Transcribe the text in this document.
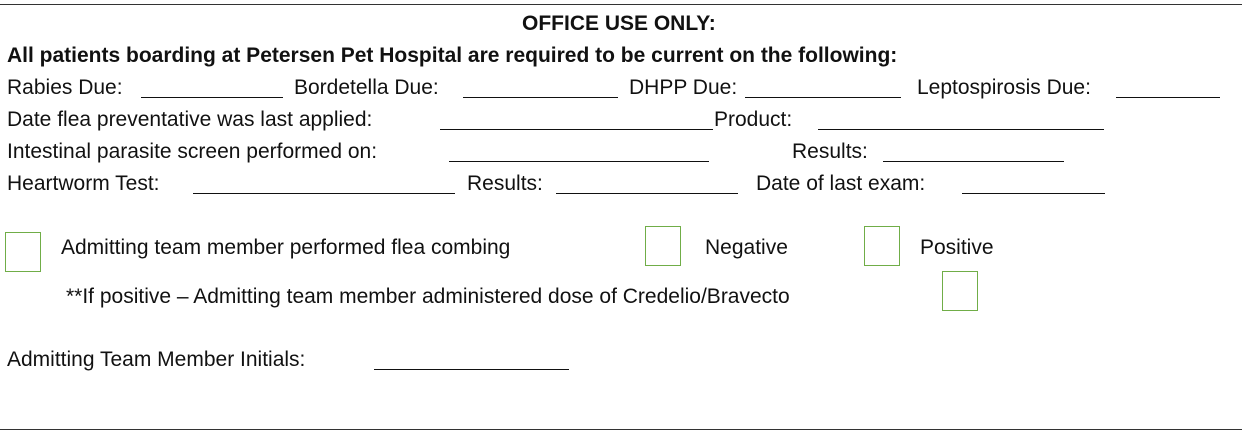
OFFICE USE ONLY:
All patients boarding at Petersen Pet Hospital are required to be current on the following:
Rabies Due:	Bordetella Due:	DHPP Due:	Leptospirosis Due:
Date flea preventative was last applied:	Product:
Intestinal parasite screen performed on:	Results:
Heartworm Test:	Results:	Date of last exam:
Admitting team member performed flea combing	Negative	Positive
**If positive – Admitting team member administered dose of Credelio/Bravecto
Admitting Team Member Initials:
